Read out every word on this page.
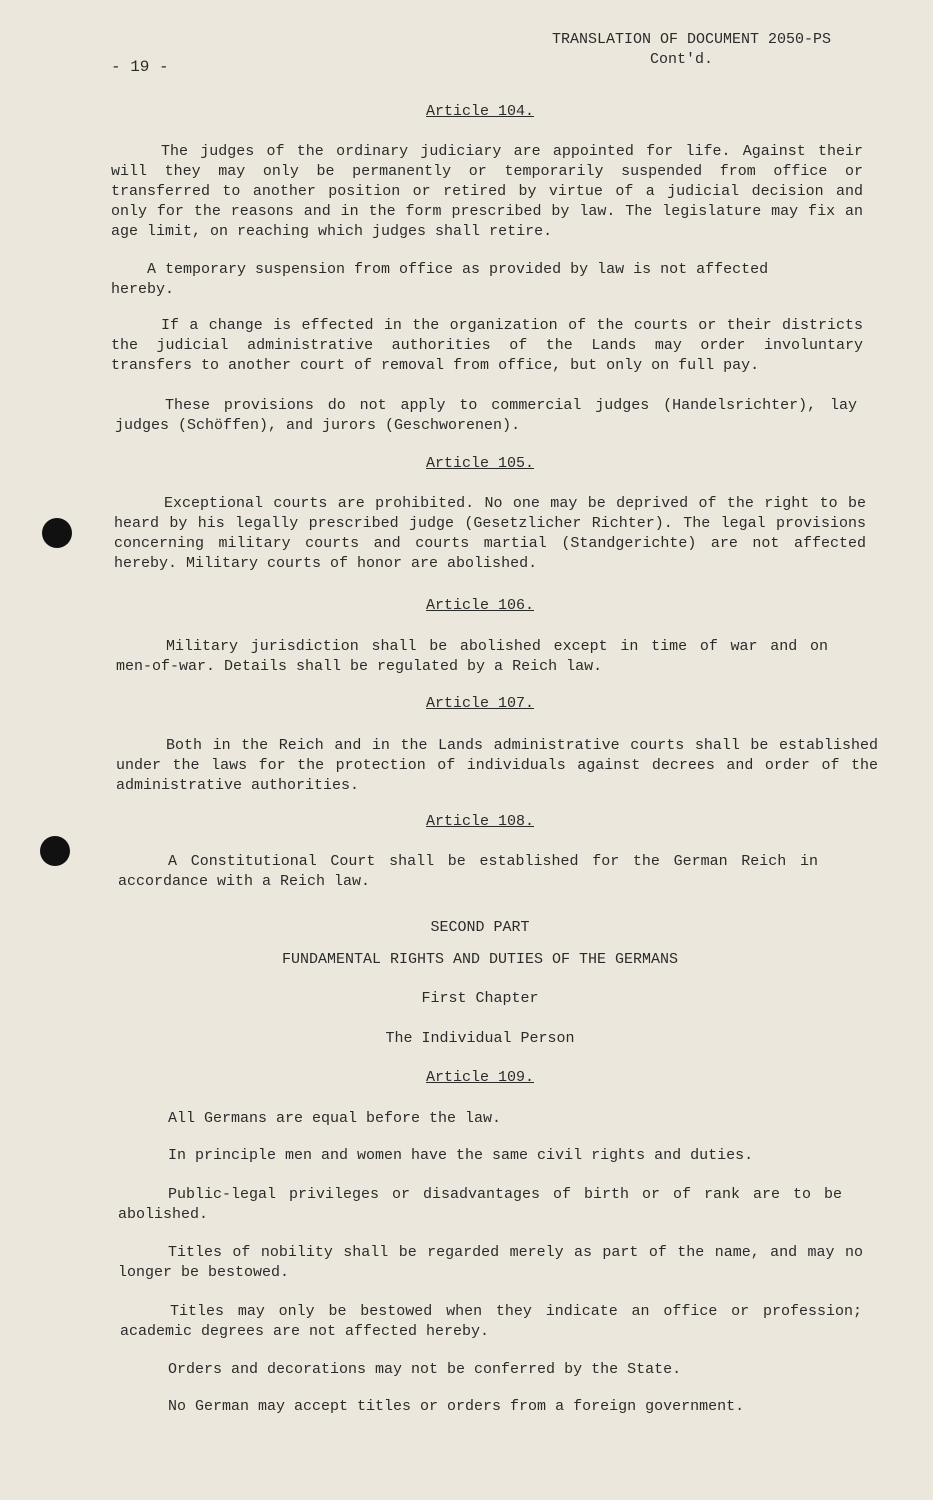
- 19 -
TRANSLATION OF DOCUMENT 2050-PS
Cont'd.
Article 104.
The judges of the ordinary judiciary are appointed for life. Against their will they may only be permanently or temporarily suspended from office or transferred to another position or retired by virtue of a judicial decision and only for the reasons and in the form prescribed by law. The legislature may fix an age limit, on reaching which judges shall retire.
A temporary suspension from office as provided by law is not affected hereby.
If a change is effected in the organization of the courts or their districts the judicial administrative authorities of the Lands may order involuntary transfers to another court of removal from office, but only on full pay.
These provisions do not apply to commercial judges (Handelsrichter), lay judges (Schöffen), and jurors (Geschworenen).
Article 105.
Exceptional courts are prohibited. No one may be deprived of the right to be heard by his legally prescribed judge (Gesetzlicher Richter). The legal provisions concerning military courts and courts martial (Standgerichte) are not affected hereby. Military courts of honor are abolished.
Article 106.
Military jurisdiction shall be abolished except in time of war and on men-of-war. Details shall be regulated by a Reich law.
Article 107.
Both in the Reich and in the Lands administrative courts shall be established under the laws for the protection of individuals against decrees and order of the administrative authorities.
Article 108.
A Constitutional Court shall be established for the German Reich in accordance with a Reich law.
SECOND PART
FUNDAMENTAL RIGHTS AND DUTIES OF THE GERMANS
First Chapter
The Individual Person
Article 109.
All Germans are equal before the law.
In principle men and women have the same civil rights and duties.
Public-legal privileges or disadvantages of birth or of rank are to be abolished.
Titles of nobility shall be regarded merely as part of the name, and may no longer be bestowed.
Titles may only be bestowed when they indicate an office or profession; academic degrees are not affected hereby.
Orders and decorations may not be conferred by the State.
No German may accept titles or orders from a foreign government.
